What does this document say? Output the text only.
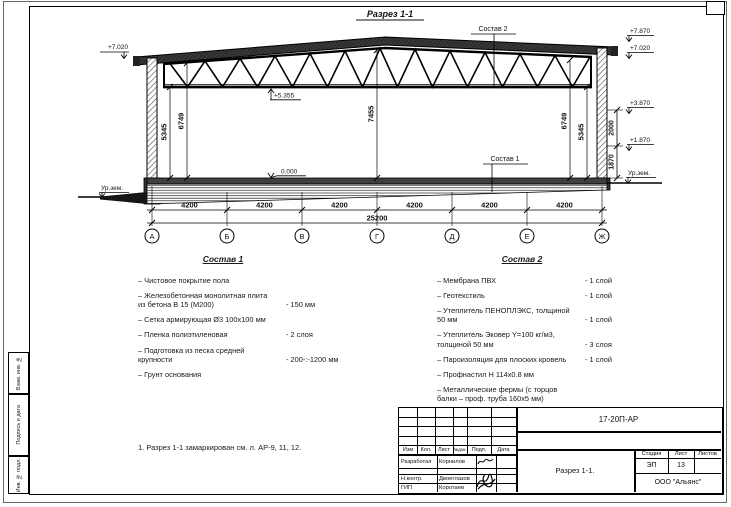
Взам. инв. №
Подпись и дата
Инв. № подл.
Разрез 1-1
5345
6749	7455	6749
5345	2000
1870
4200	4200	4200	4200	4200	4200
25200
А	Б	В	Г	Д	Е	Ж
+7.020
+7.870
+7.020
+3.870
+1.870
Ур.зем.
Ур.зем.
0.000
+5.355
Состав 2
Состав 1
Состав 1
– Чистовое покрытие пола
– Железобетонная монолитная плита из бетона В 15 (М200)	- 150 мм
– Сетка армирующая Ø3 100х100 мм
– Пленка полиэтиленовая	- 2 слоя
– Подготовка из песка средней крупности	- 200-:-1200 мм
– Грунт основания
Состав 2
– Мембрана ПВХ	- 1 слой
– Геотекстиль	- 1 слой
– Утеплитель ПЕНОПЛЭКС, толщиной 50 мм	- 1 слой
– Утеплитель Эковер Y=100 кг/м3, толщиной 50 мм	- 3 слоя
– Пароизоляция для плоских кровель	- 1 слой
– Профнастил Н 114х0.8 мм
– Металлические фермы (с торцов балки – проф. труба 160х5 мм)
1. Разрез 1-1 замаркирован см. л. АР-9, 11, 12.	Изм	Кол.	Лист №док. Подп.	Дата
Разработал	Корнилов
Н.контр.	Двоеглазов
ГИП	Коротаев
17-20П-АР
Разрез 1-1.
Стадия	Лист	Листов
ЭП	13
ООО "Альянс"
